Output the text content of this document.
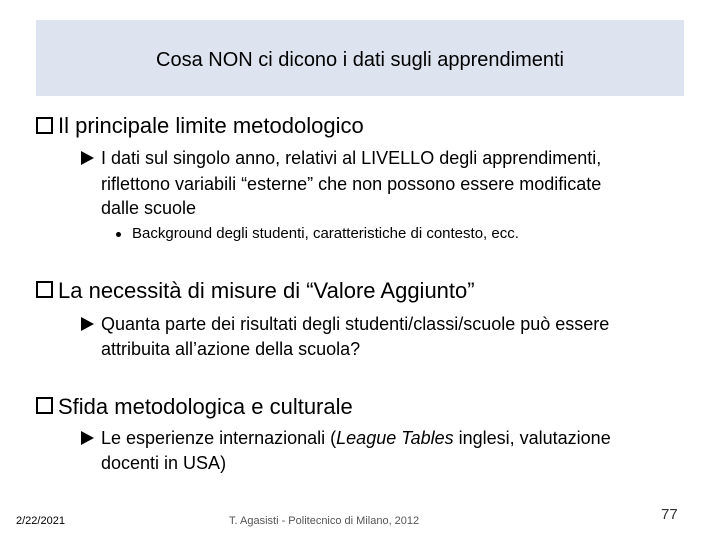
Cosa NON ci dicono i dati sugli apprendimenti
Il principale limite metodologico
I dati sul singolo anno, relativi al LIVELLO degli apprendimenti,
riflettono variabili “esterne” che non possono essere modificate
dalle scuole
Background degli studenti, caratteristiche di contesto, ecc.
La necessità di misure di “Valore Aggiunto”
Quanta parte dei risultati degli studenti/classi/scuole può essere
attribuita all’azione della scuola?
Sfida metodologica e culturale
Le esperienze internazionali (League Tables inglesi, valutazione
docenti in USA)
2/22/2021	T. Agasisti - Politecnico di Milano, 2012	77
